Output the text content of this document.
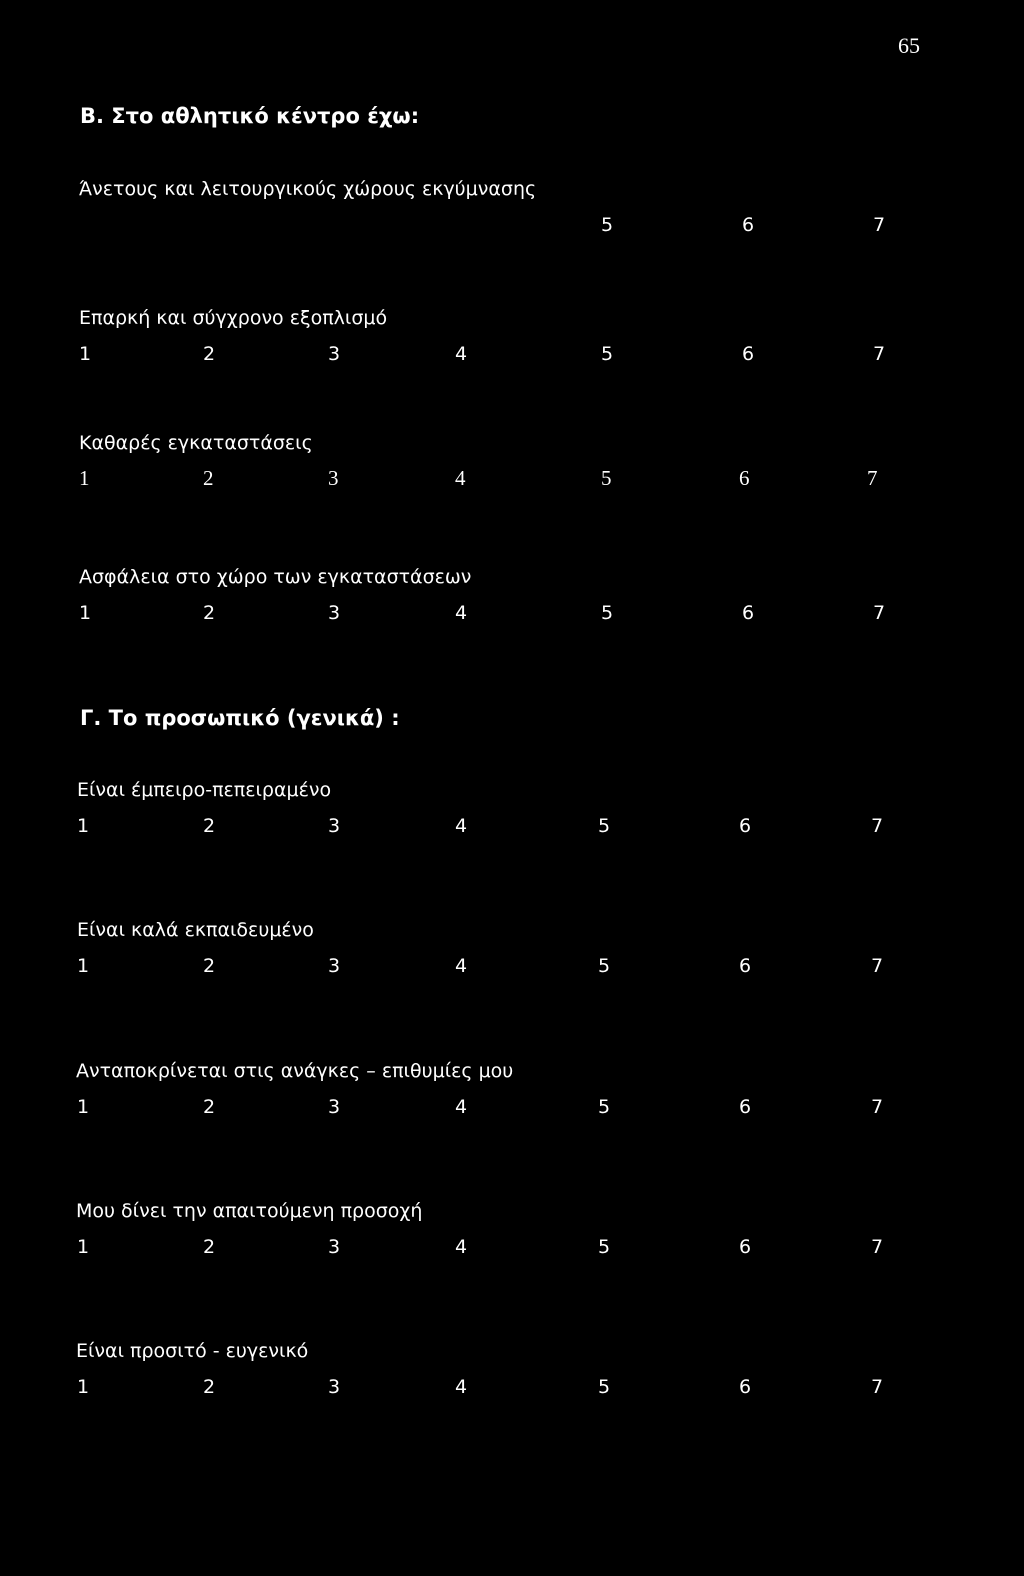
65
Β. Στο αθλητικό κέντρο έχω:
Άνετους και λειτουργικούς χώρους εκγύμνασης
5	6	7
Επαρκή και σύγχρονο εξοπλισμό
1	2	3	4	5	6	7
Καθαρές εγκαταστάσεις
1	2	3	4	5	6	7
Ασφάλεια στο χώρο των εγκαταστάσεων
1	2	3	4	5	6	7
Γ. Το προσωπικό (γενικά) :
Είναι έμπειρο-πεπειραμένο
1	2	3	4	5	6	7
Είναι καλά εκπαιδευμένο
1	2	3	4	5	6	7
Ανταποκρίνεται στις ανάγκες – επιθυμίες μου
1	2	3	4	5	6	7
Μου δίνει την απαιτούμενη προσοχή
1	2	3	4	5	6	7
Είναι προσιτό - ευγενικό
1	2	3	4	5	6	7
